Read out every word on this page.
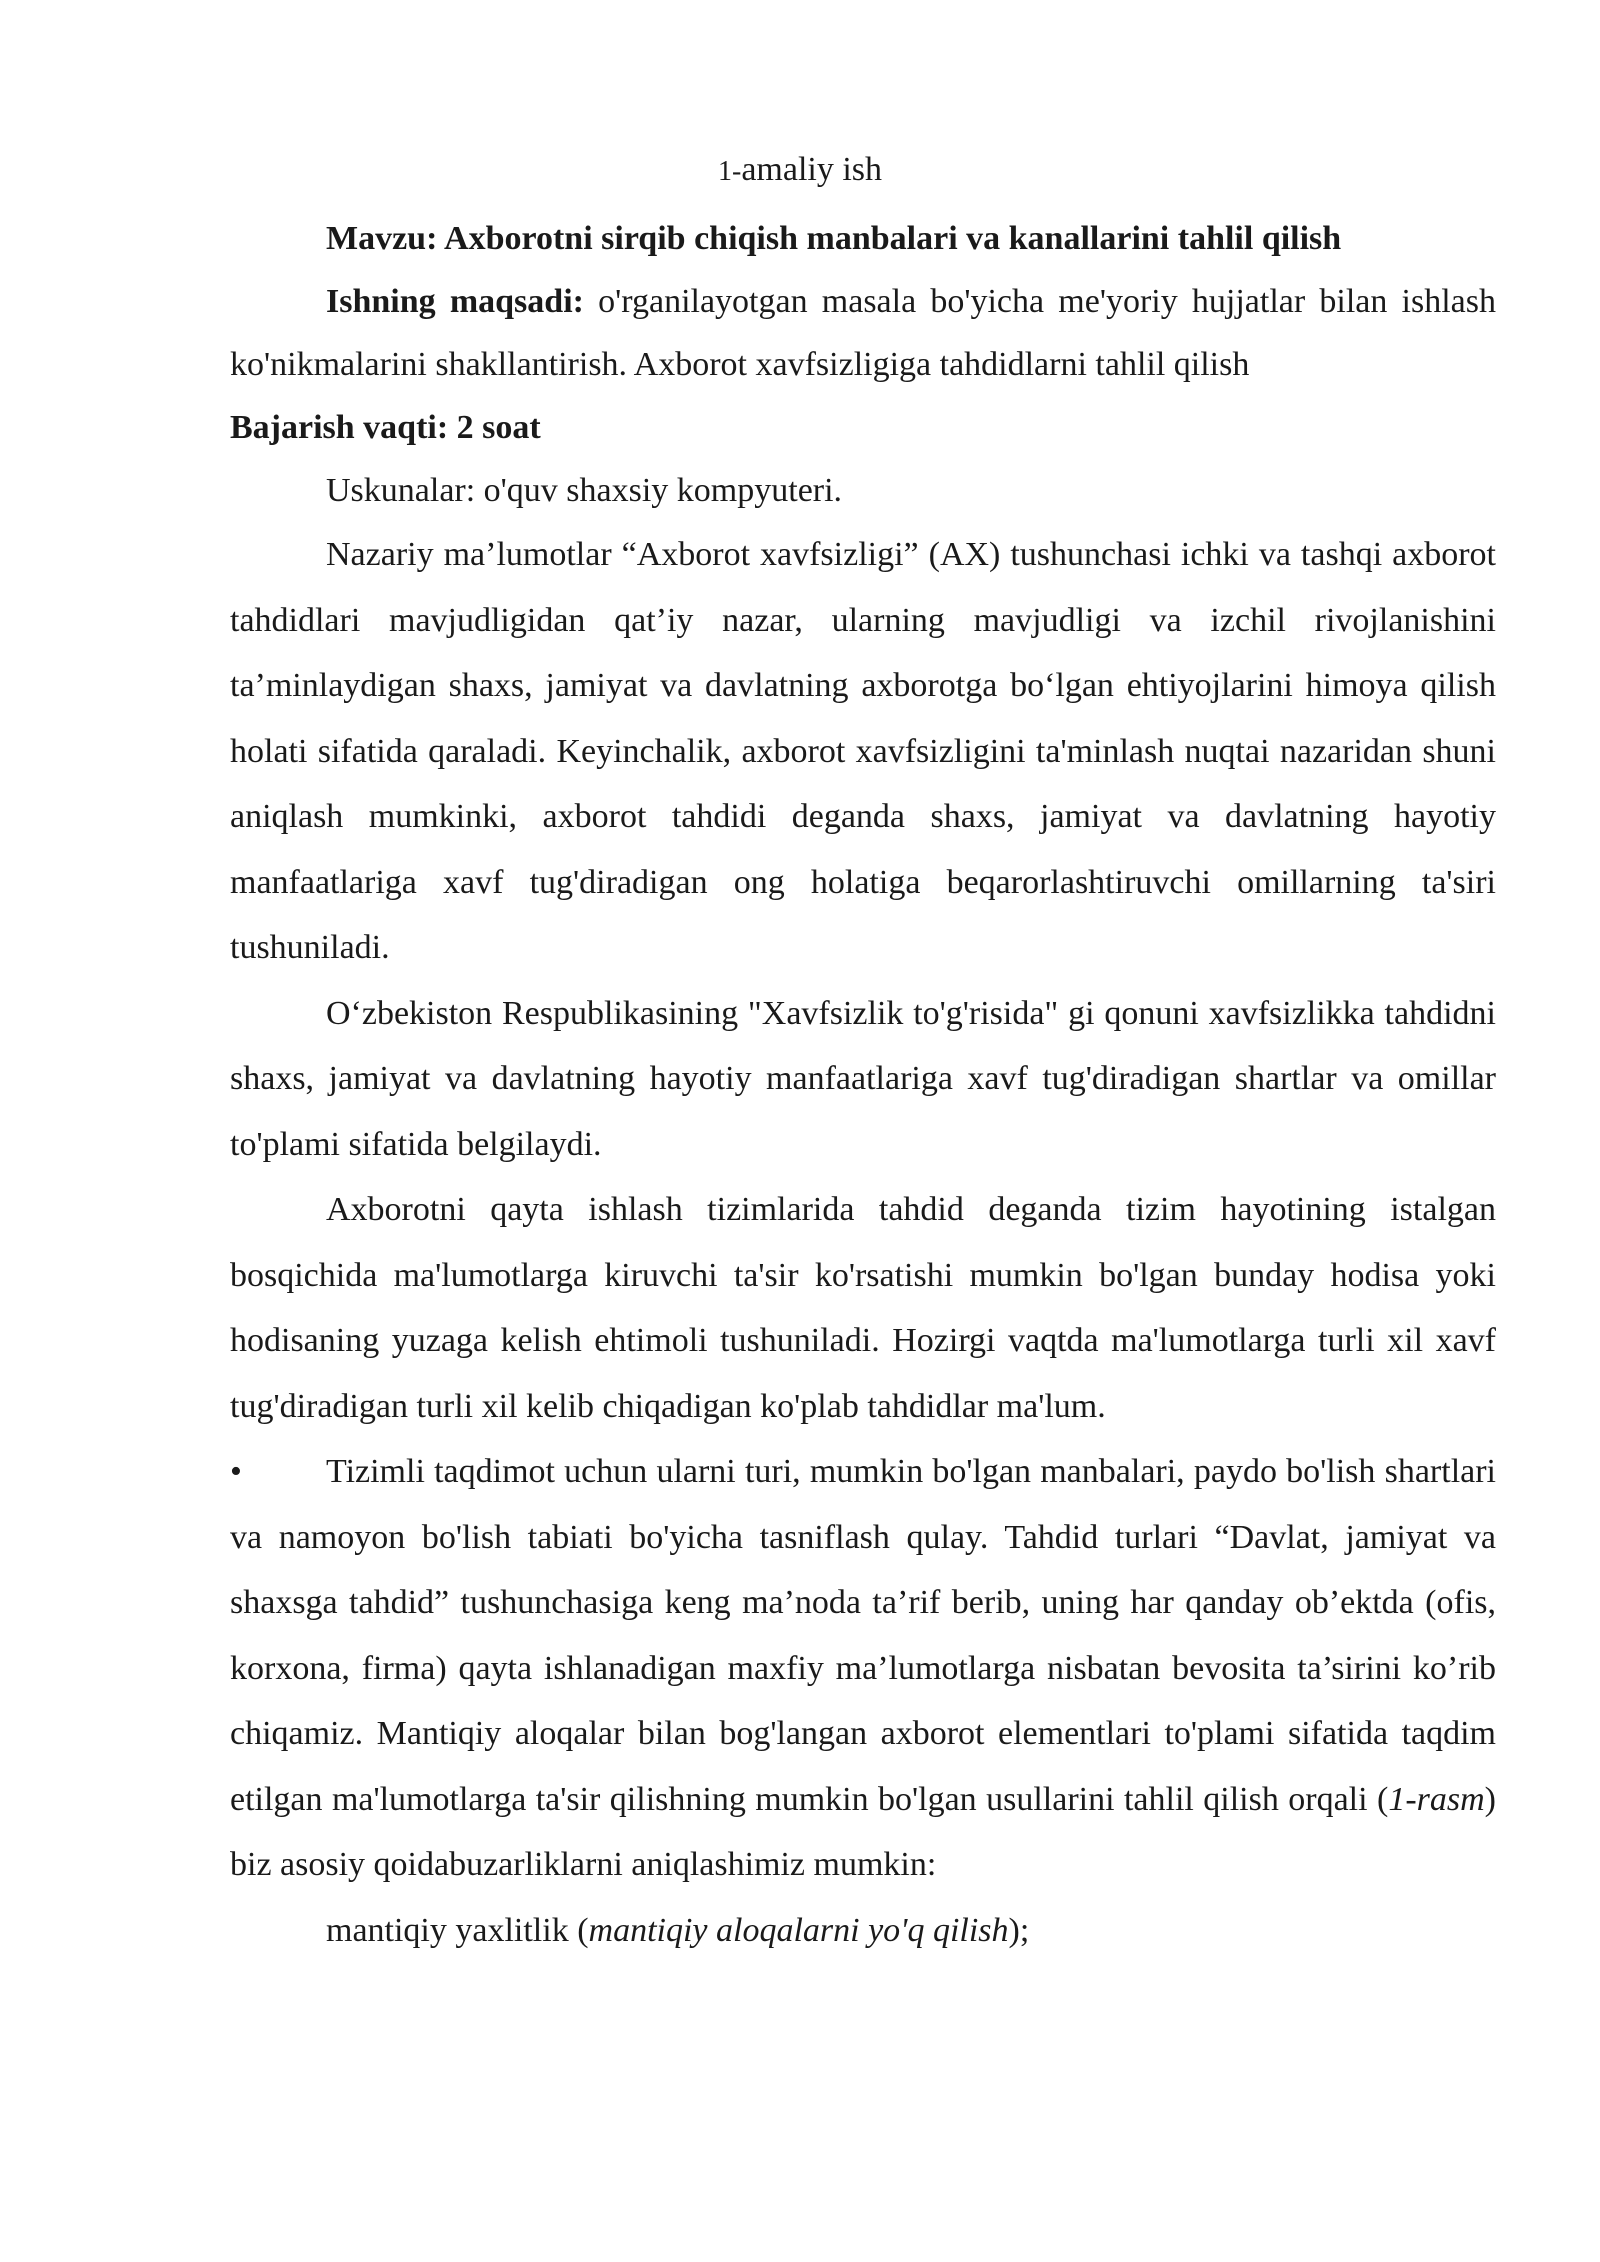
1-amaliy ish

Mavzu: Axborotni sirqib chiqish manbalari va kanallarini tahlil qilish

Ishning maqsadi: o'rganilayotgan masala bo'yicha me'yoriy hujjatlar bilan ishlash ko'nikmalarini shakllantirish. Axborot xavfsizligiga tahdidlarni tahlil qilish

Bajarish vaqti: 2 soat

Uskunalar: o'quv shaxsiy kompyuteri.

Nazariy ma’lumotlar “Axborot xavfsizligi” (AX) tushunchasi ichki va tashqi axborot tahdidlari mavjudligidan qat’iy nazar, ularning mavjudligi va izchil rivojlanishini ta’minlaydigan shaxs, jamiyat va davlatning axborotga bo‘lgan ehtiyojlarini himoya qilish holati sifatida qaraladi. Keyinchalik, axborot xavfsizligini ta'minlash nuqtai nazaridan shuni aniqlash mumkinki, axborot tahdidi deganda shaxs, jamiyat va davlatning hayotiy manfaatlariga xavf tug'diradigan ong holatiga beqarorlashtiruvchi omillarning ta'siri tushuniladi.

O‘zbekiston Respublikasining "Xavfsizlik to'g'risida" gi qonuni xavfsizlikka tahdidni shaxs, jamiyat va davlatning hayotiy manfaatlariga xavf tug'diradigan shartlar va omillar to'plami sifatida belgilaydi.

Axborotni qayta ishlash tizimlarida tahdid deganda tizim hayotining istalgan bosqichida ma'lumotlarga kiruvchi ta'sir ko'rsatishi mumkin bo'lgan bunday hodisa yoki hodisaning yuzaga kelish ehtimoli tushuniladi. Hozirgi vaqtda ma'lumotlarga turli xil xavf tug'diradigan turli xil kelib chiqadigan ko'plab tahdidlar ma'lum.

• Tizimli taqdimot uchun ularni turi, mumkin bo'lgan manbalari, paydo bo'lish shartlari va namoyon bo'lish tabiati bo'yicha tasniflash qulay. Tahdid turlari “Davlat, jamiyat va shaxsga tahdid” tushunchasiga keng ma’noda ta’rif berib, uning har qanday ob’ektda (ofis, korxona, firma) qayta ishlanadigan maxfiy ma’lumotlarga nisbatan bevosita ta’sirini ko’rib chiqamiz. Mantiqiy aloqalar bilan bog'langan axborot elementlari to'plami sifatida taqdim etilgan ma'lumotlarga ta'sir qilishning mumkin bo'lgan usullarini tahlil qilish orqali (1-rasm) biz asosiy qoidabuzarliklarni aniqlashimiz mumkin:

mantiqiy yaxlitlik (mantiqiy aloqalarni yo'q qilish);
